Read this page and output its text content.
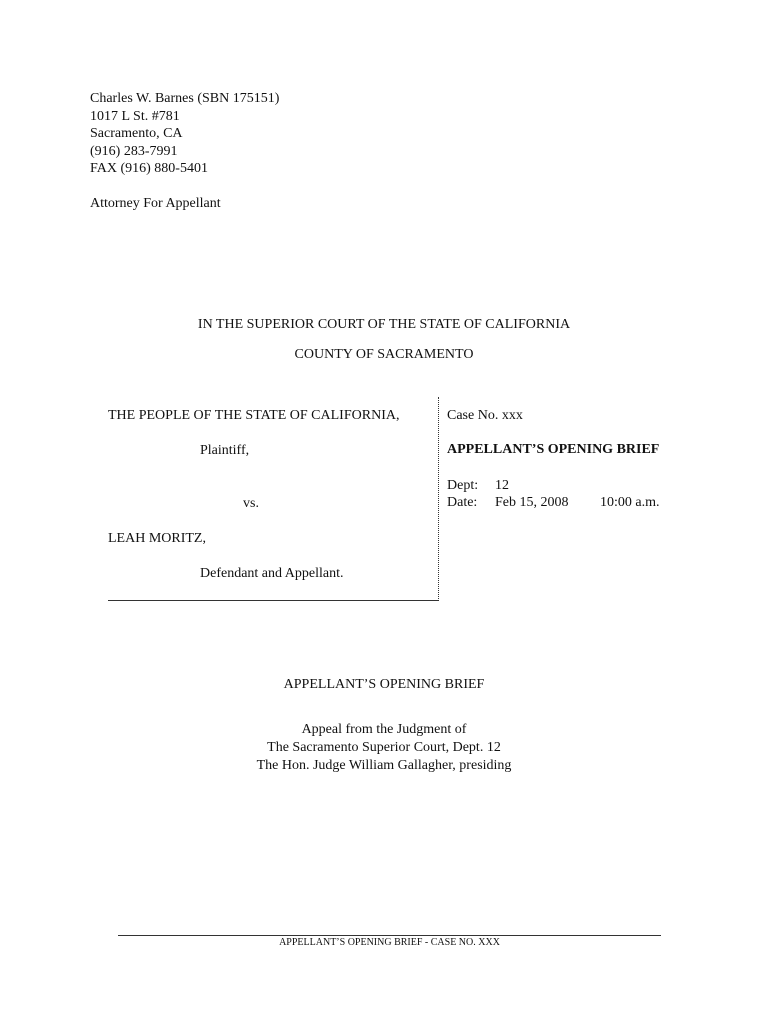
Charles W. Barnes (SBN 175151)
1017 L St. #781
Sacramento, CA
(916) 283-7991
FAX (916) 880-5401
Attorney For Appellant
IN THE SUPERIOR COURT OF THE STATE OF CALIFORNIA
COUNTY OF SACRAMENTO
THE PEOPLE OF THE STATE OF CALIFORNIA,
Plaintiff,
vs.
LEAH MORITZ,
Defendant and Appellant.
Case No. xxx
APPELLANT’S OPENING BRIEF
Dept: 12
Date: Feb 15, 2008 10:00 a.m.
APPELLANT’S OPENING BRIEF
Appeal from the Judgment of
The Sacramento Superior Court, Dept. 12
The Hon. Judge William Gallagher, presiding
APPELLANT’S OPENING BRIEF - CASE NO. XXX
